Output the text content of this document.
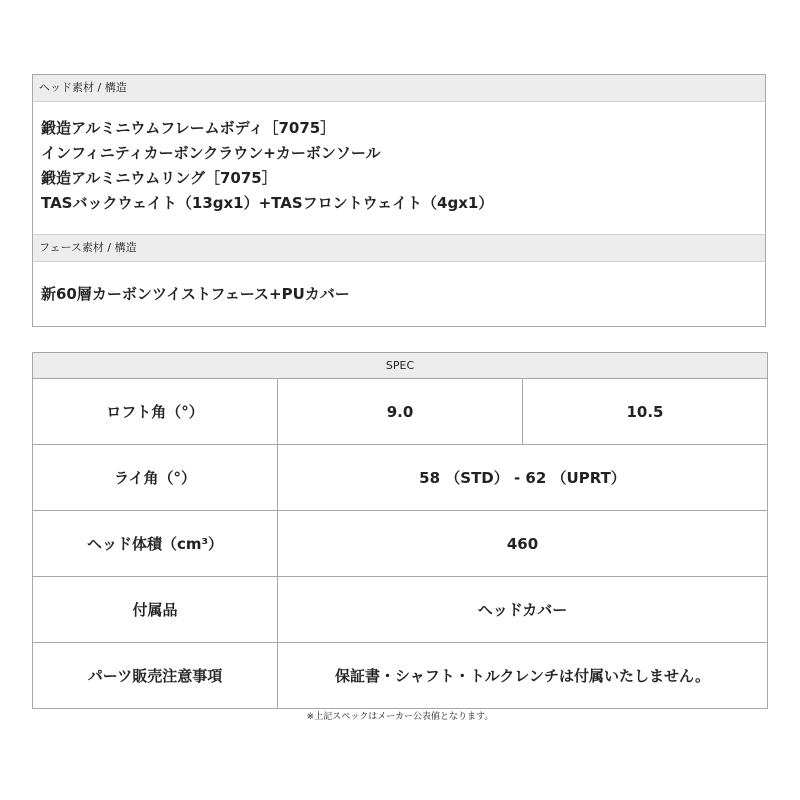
ヘッド素材 / 構造
鍛造アルミニウムフレームボディ［7075］
インフィニティカーボンクラウン+カーボンソール
鍛造アルミニウムリング［7075］
TASバックウェイト（13gx1）+TASフロントウェイト（4gx1）
フェース素材 / 構造
新60層カーボンツイストフェース+PUカバー
SPEC		
ロフト角（°）	9.0	10.5
ライ角（°）	58 （STD） - 62 （UPRT）	
ヘッド体積（cm³）	460	
付属品	ヘッドカバー	
パーツ販売注意事項	保証書・シャフト・トルクレンチは付属いたしません。	
※上記スペックはメーカー公表値となります。
